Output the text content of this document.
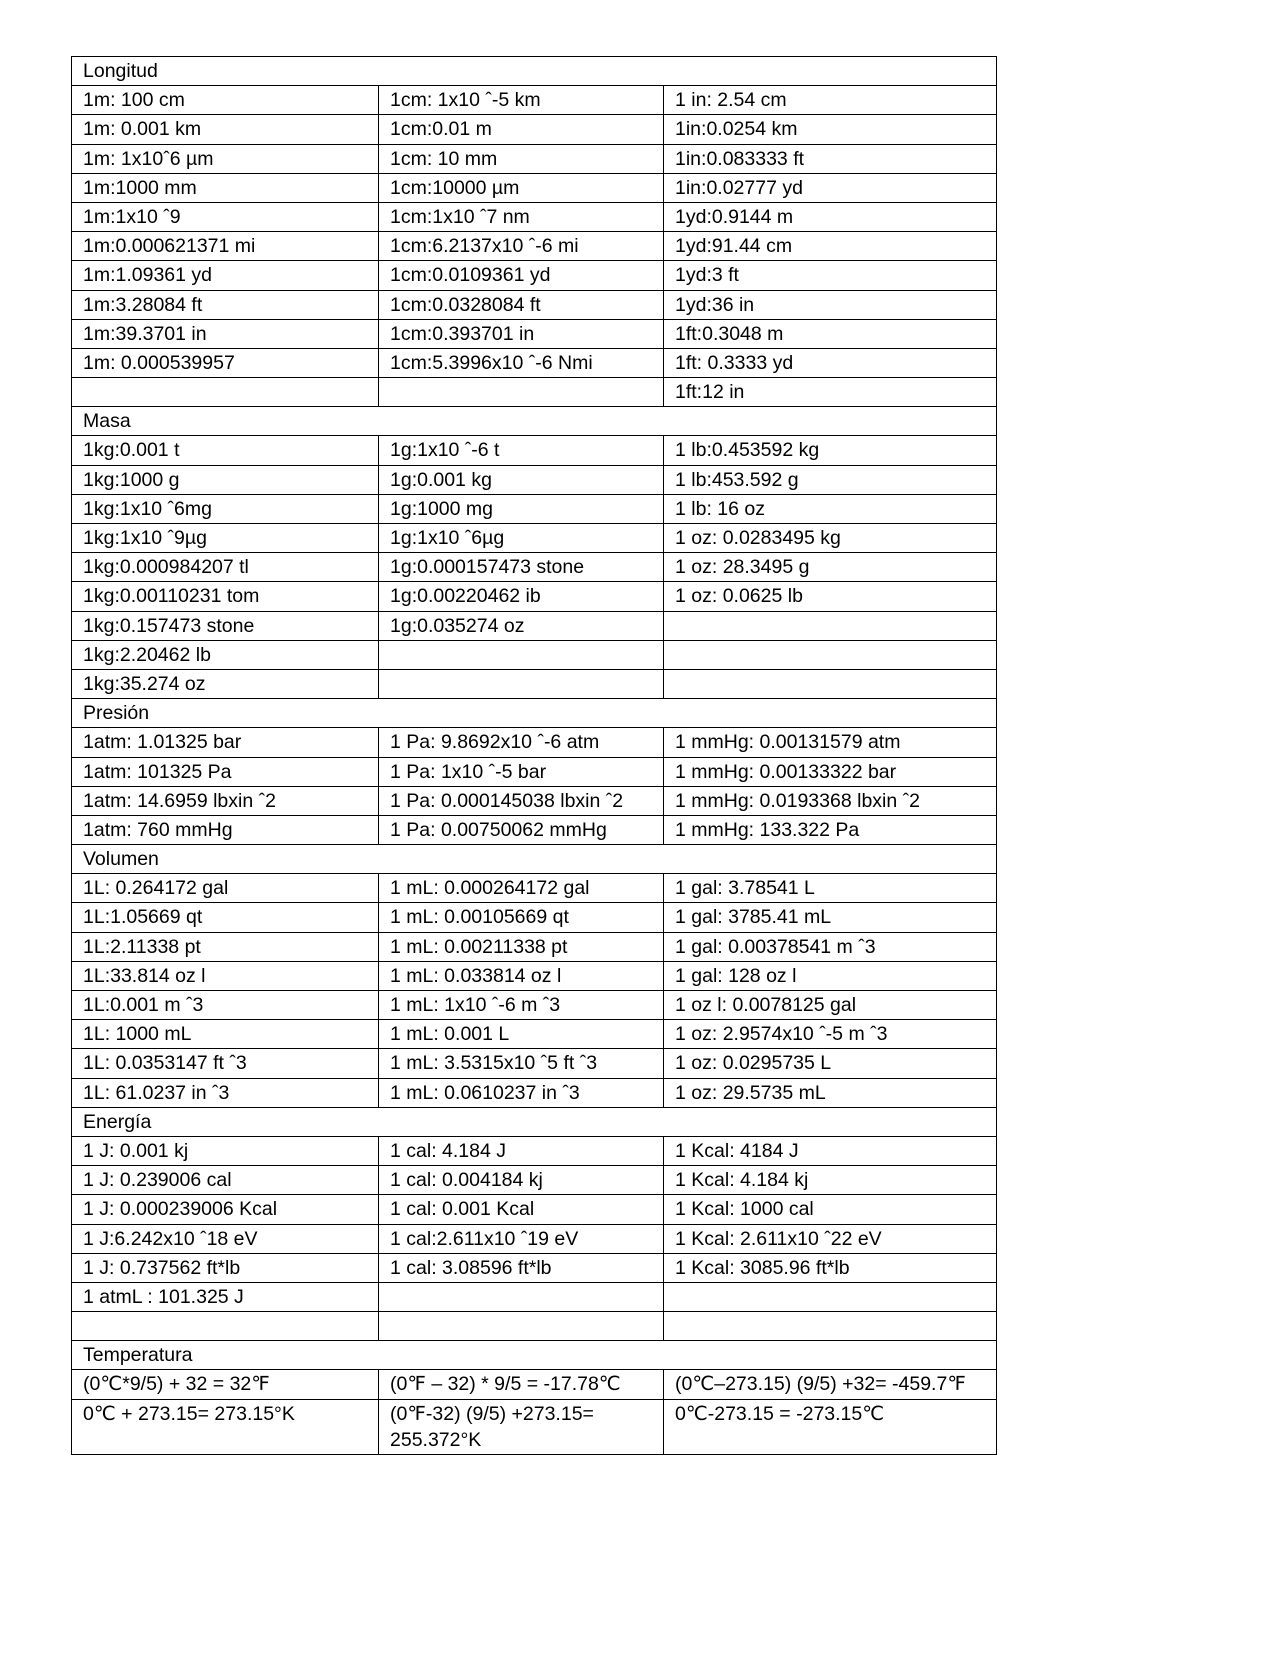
Longitud		
1m: 100 cm	1cm: 1x10 ˆ-5 km	1 in: 2.54 cm
1m: 0.001 km	1cm:0.01 m	1in:0.0254 km
1m: 1x10ˆ6 µm	1cm: 10 mm	1in:0.083333 ft
1m:1000 mm	1cm:10000 µm	1in:0.02777 yd
1m:1x10 ˆ9	1cm:1x10 ˆ7 nm	1yd:0.9144 m
1m:0.000621371 mi	1cm:6.2137x10 ˆ-6 mi	1yd:91.44 cm
1m:1.09361 yd	1cm:0.0109361 yd	1yd:3 ft
1m:3.28084 ft	1cm:0.0328084 ft	1yd:36 in
1m:39.3701 in	1cm:0.393701 in	1ft:0.3048 m
1m: 0.000539957	1cm:5.3996x10 ˆ-6 Nmi	1ft: 0.3333 yd
		1ft:12 in
Masa		
1kg:0.001 t	1g:1x10 ˆ-6 t	1 lb:0.453592 kg
1kg:1000 g	1g:0.001 kg	1 lb:453.592 g
1kg:1x10 ˆ6mg	1g:1000 mg	1 lb: 16 oz
1kg:1x10 ˆ9µg	1g:1x10 ˆ6µg	1 oz: 0.0283495 kg
1kg:0.000984207 tl	1g:0.000157473 stone	1 oz: 28.3495 g
1kg:0.00110231 tom	1g:0.00220462 ib	1 oz: 0.0625 lb
1kg:0.157473 stone	1g:0.035274 oz	
1kg:2.20462 lb		
1kg:35.274 oz		
Presión		
1atm: 1.01325 bar	1 Pa: 9.8692x10 ˆ-6 atm	1 mmHg: 0.00131579 atm
1atm: 101325 Pa	1 Pa: 1x10 ˆ-5 bar	1 mmHg: 0.00133322 bar
1atm: 14.6959 lbxin ˆ2	1 Pa: 0.000145038 lbxin ˆ2	1 mmHg: 0.0193368 lbxin ˆ2
1atm: 760 mmHg	1 Pa: 0.00750062 mmHg	1 mmHg: 133.322 Pa
Volumen		
1L: 0.264172 gal	1 mL: 0.000264172 gal	1 gal: 3.78541 L
1L:1.05669 qt	1 mL: 0.00105669 qt	1 gal: 3785.41 mL
1L:2.11338 pt	1 mL: 0.00211338 pt	1 gal: 0.00378541 m ˆ3
1L:33.814 oz l	1 mL: 0.033814 oz l	1 gal: 128 oz l
1L:0.001 m ˆ3	1 mL: 1x10 ˆ-6 m ˆ3	1 oz l: 0.0078125 gal
1L: 1000 mL	1 mL: 0.001 L	1 oz: 2.9574x10 ˆ-5 m ˆ3
1L: 0.0353147 ft ˆ3	1 mL: 3.5315x10 ˆ5 ft ˆ3	1 oz: 0.0295735 L
1L: 61.0237 in ˆ3	1 mL: 0.0610237 in ˆ3	1 oz: 29.5735 mL
Energía		
1 J: 0.001 kj	1 cal: 4.184 J	1 Kcal: 4184 J
1 J: 0.239006 cal	1 cal: 0.004184 kj	1 Kcal: 4.184 kj
1 J: 0.000239006 Kcal	1 cal: 0.001 Kcal	1 Kcal: 1000 cal
1 J:6.242x10 ˆ18 eV	1 cal:2.611x10 ˆ19 eV	1 Kcal: 2.611x10 ˆ22 eV
1 J: 0.737562 ft*lb	1 cal: 3.08596 ft*lb	1 Kcal: 3085.96 ft*lb
1 atmL : 101.325 J		

Temperatura		
(0℃*9/5) + 32 = 32℉	(0℉ – 32) * 9/5 = -17.78℃	(0℃–273.15) (9/5) +32= -459.7℉
0℃ + 273.15= 273.15°K	(0℉-32) (9/5) +273.15= 255.372°K	0℃-273.15 = -273.15℃
